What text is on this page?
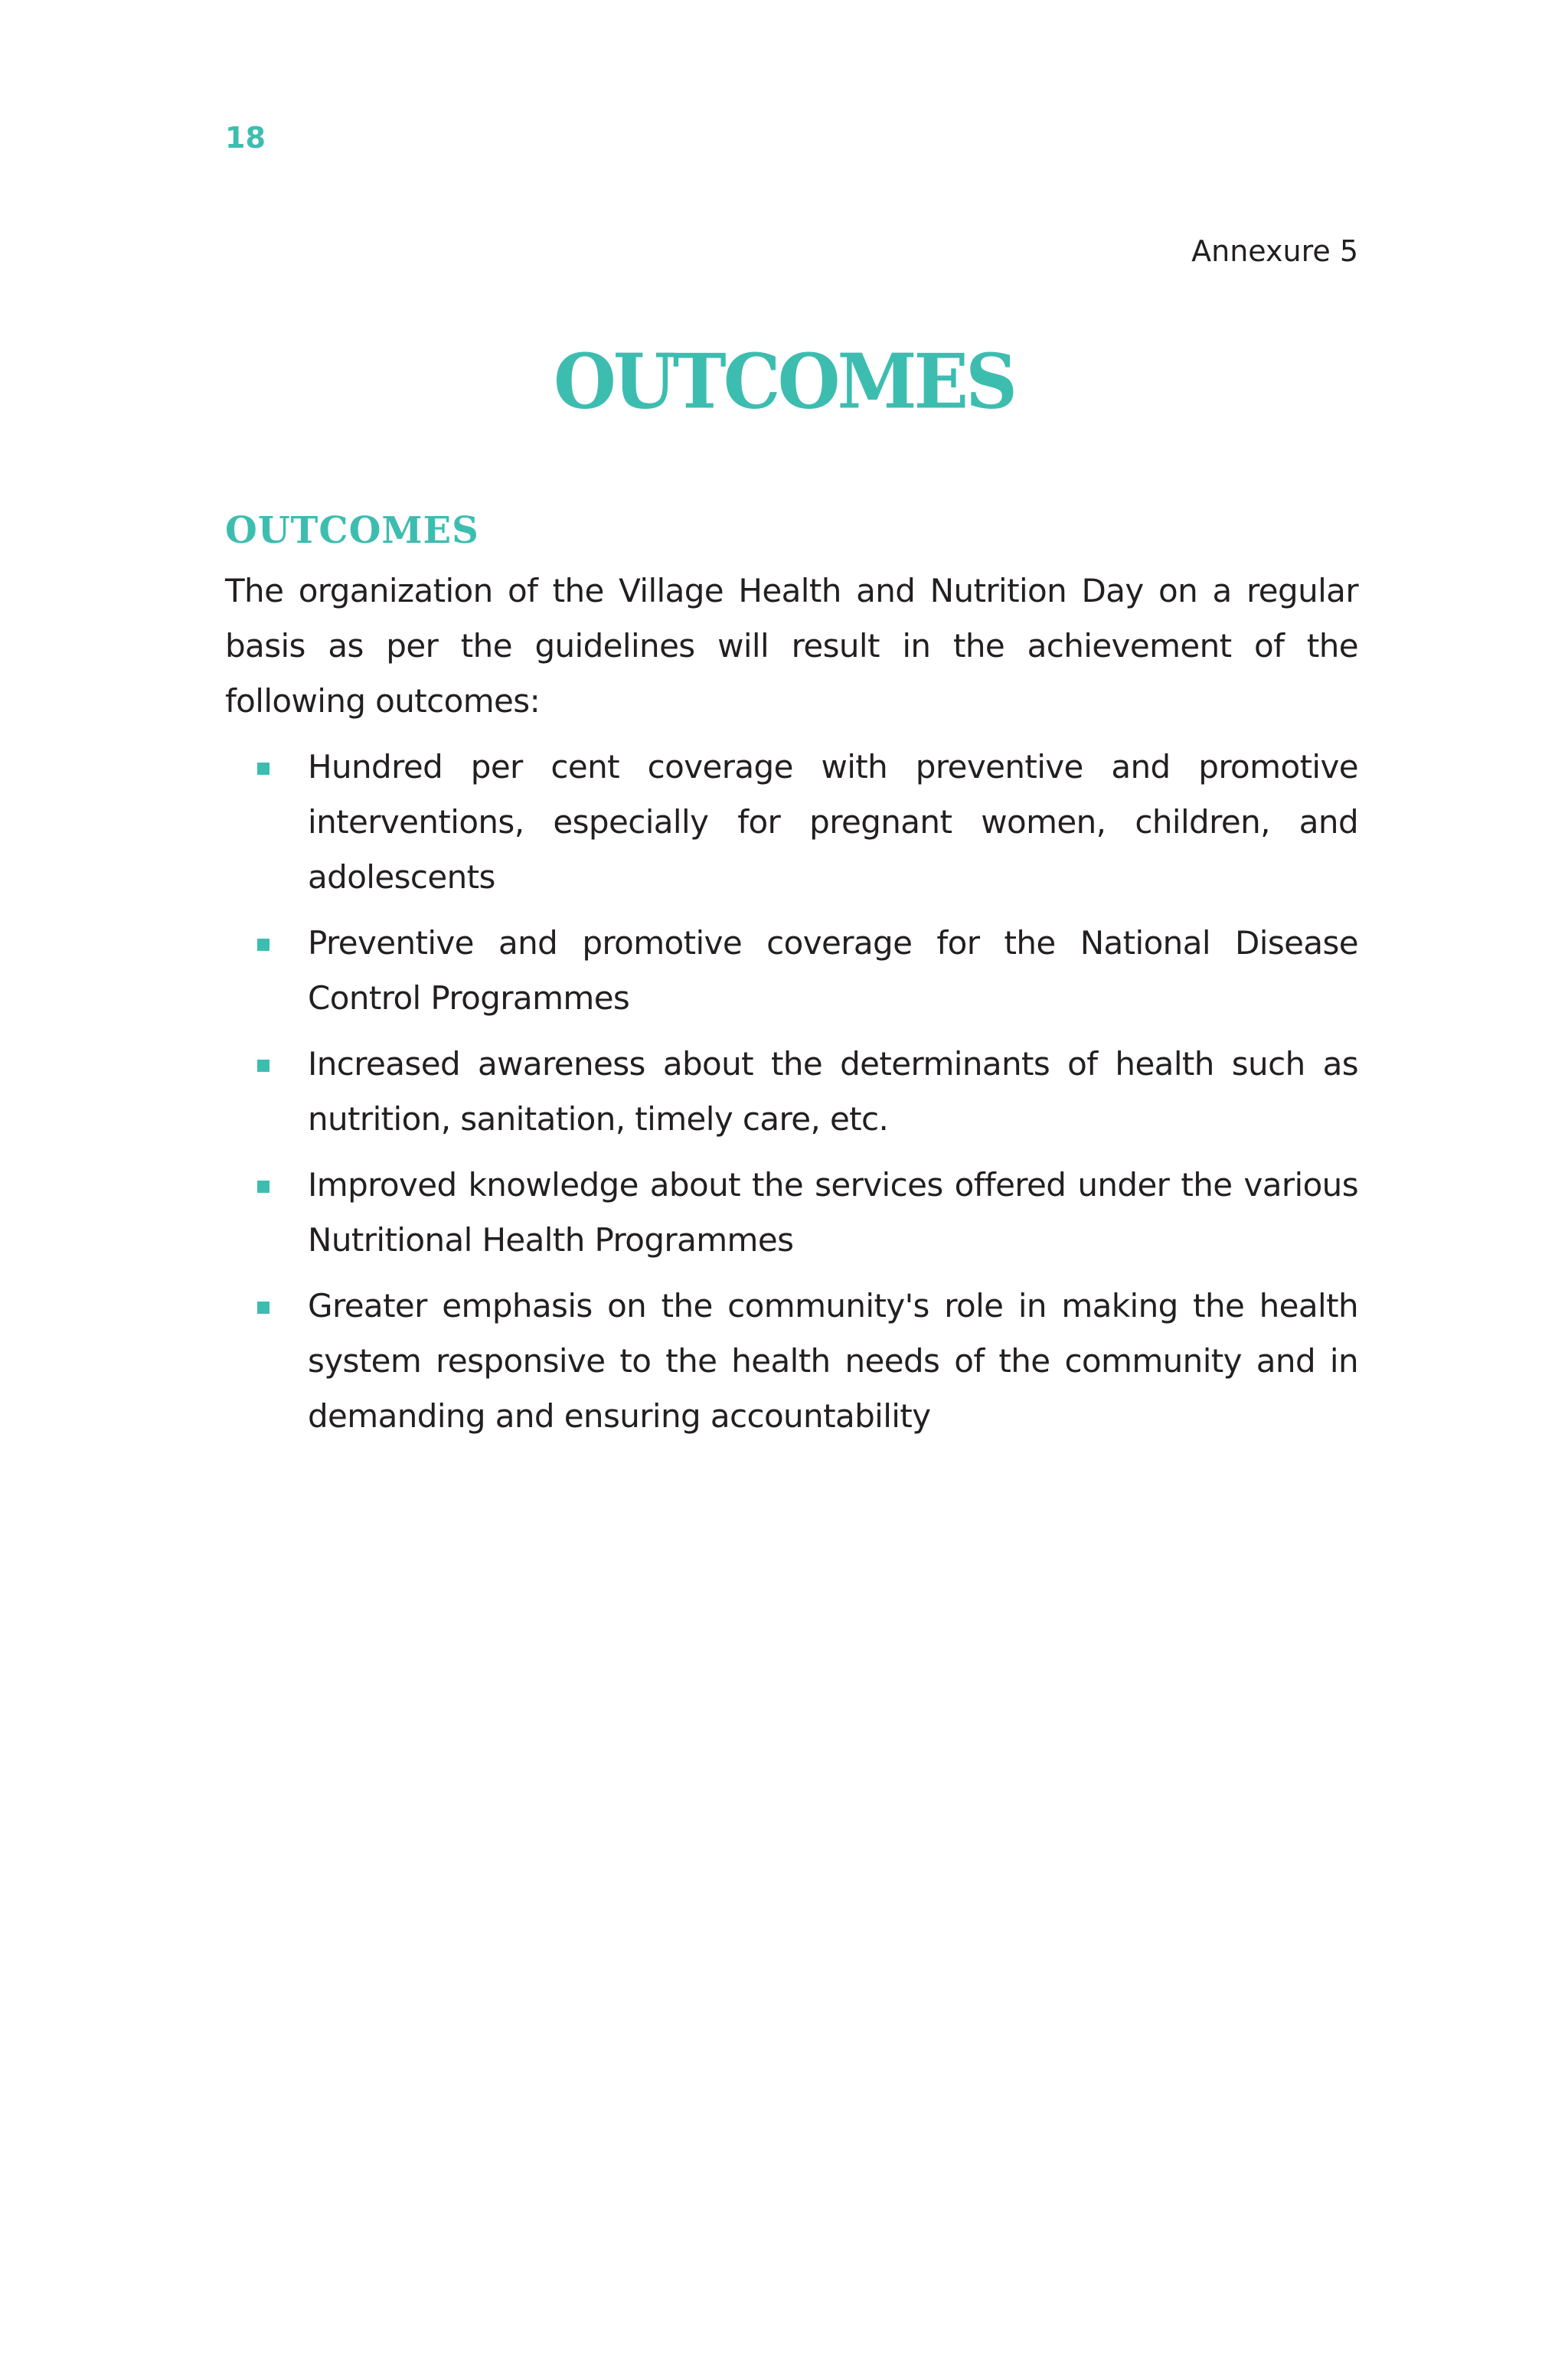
18

Annexure 5

OUTCOMES
OUTCOMES

The organization of the Village Health and Nutrition Day on a regular basis as per the guidelines will result in the achievement of the following outcomes:

Hundred per cent coverage with preventive and promotive interventions, especially for pregnant women, children, and adolescents
Preventive and promotive coverage for the National Disease Control Programmes
Increased awareness about the determinants of health such as nutrition, sanitation, timely care, etc.
Improved knowledge about the services offered under the various Nutritional Health Programmes
Greater emphasis on the community's role in making the health system responsive to the health needs of the community and in demanding and ensuring accountability
